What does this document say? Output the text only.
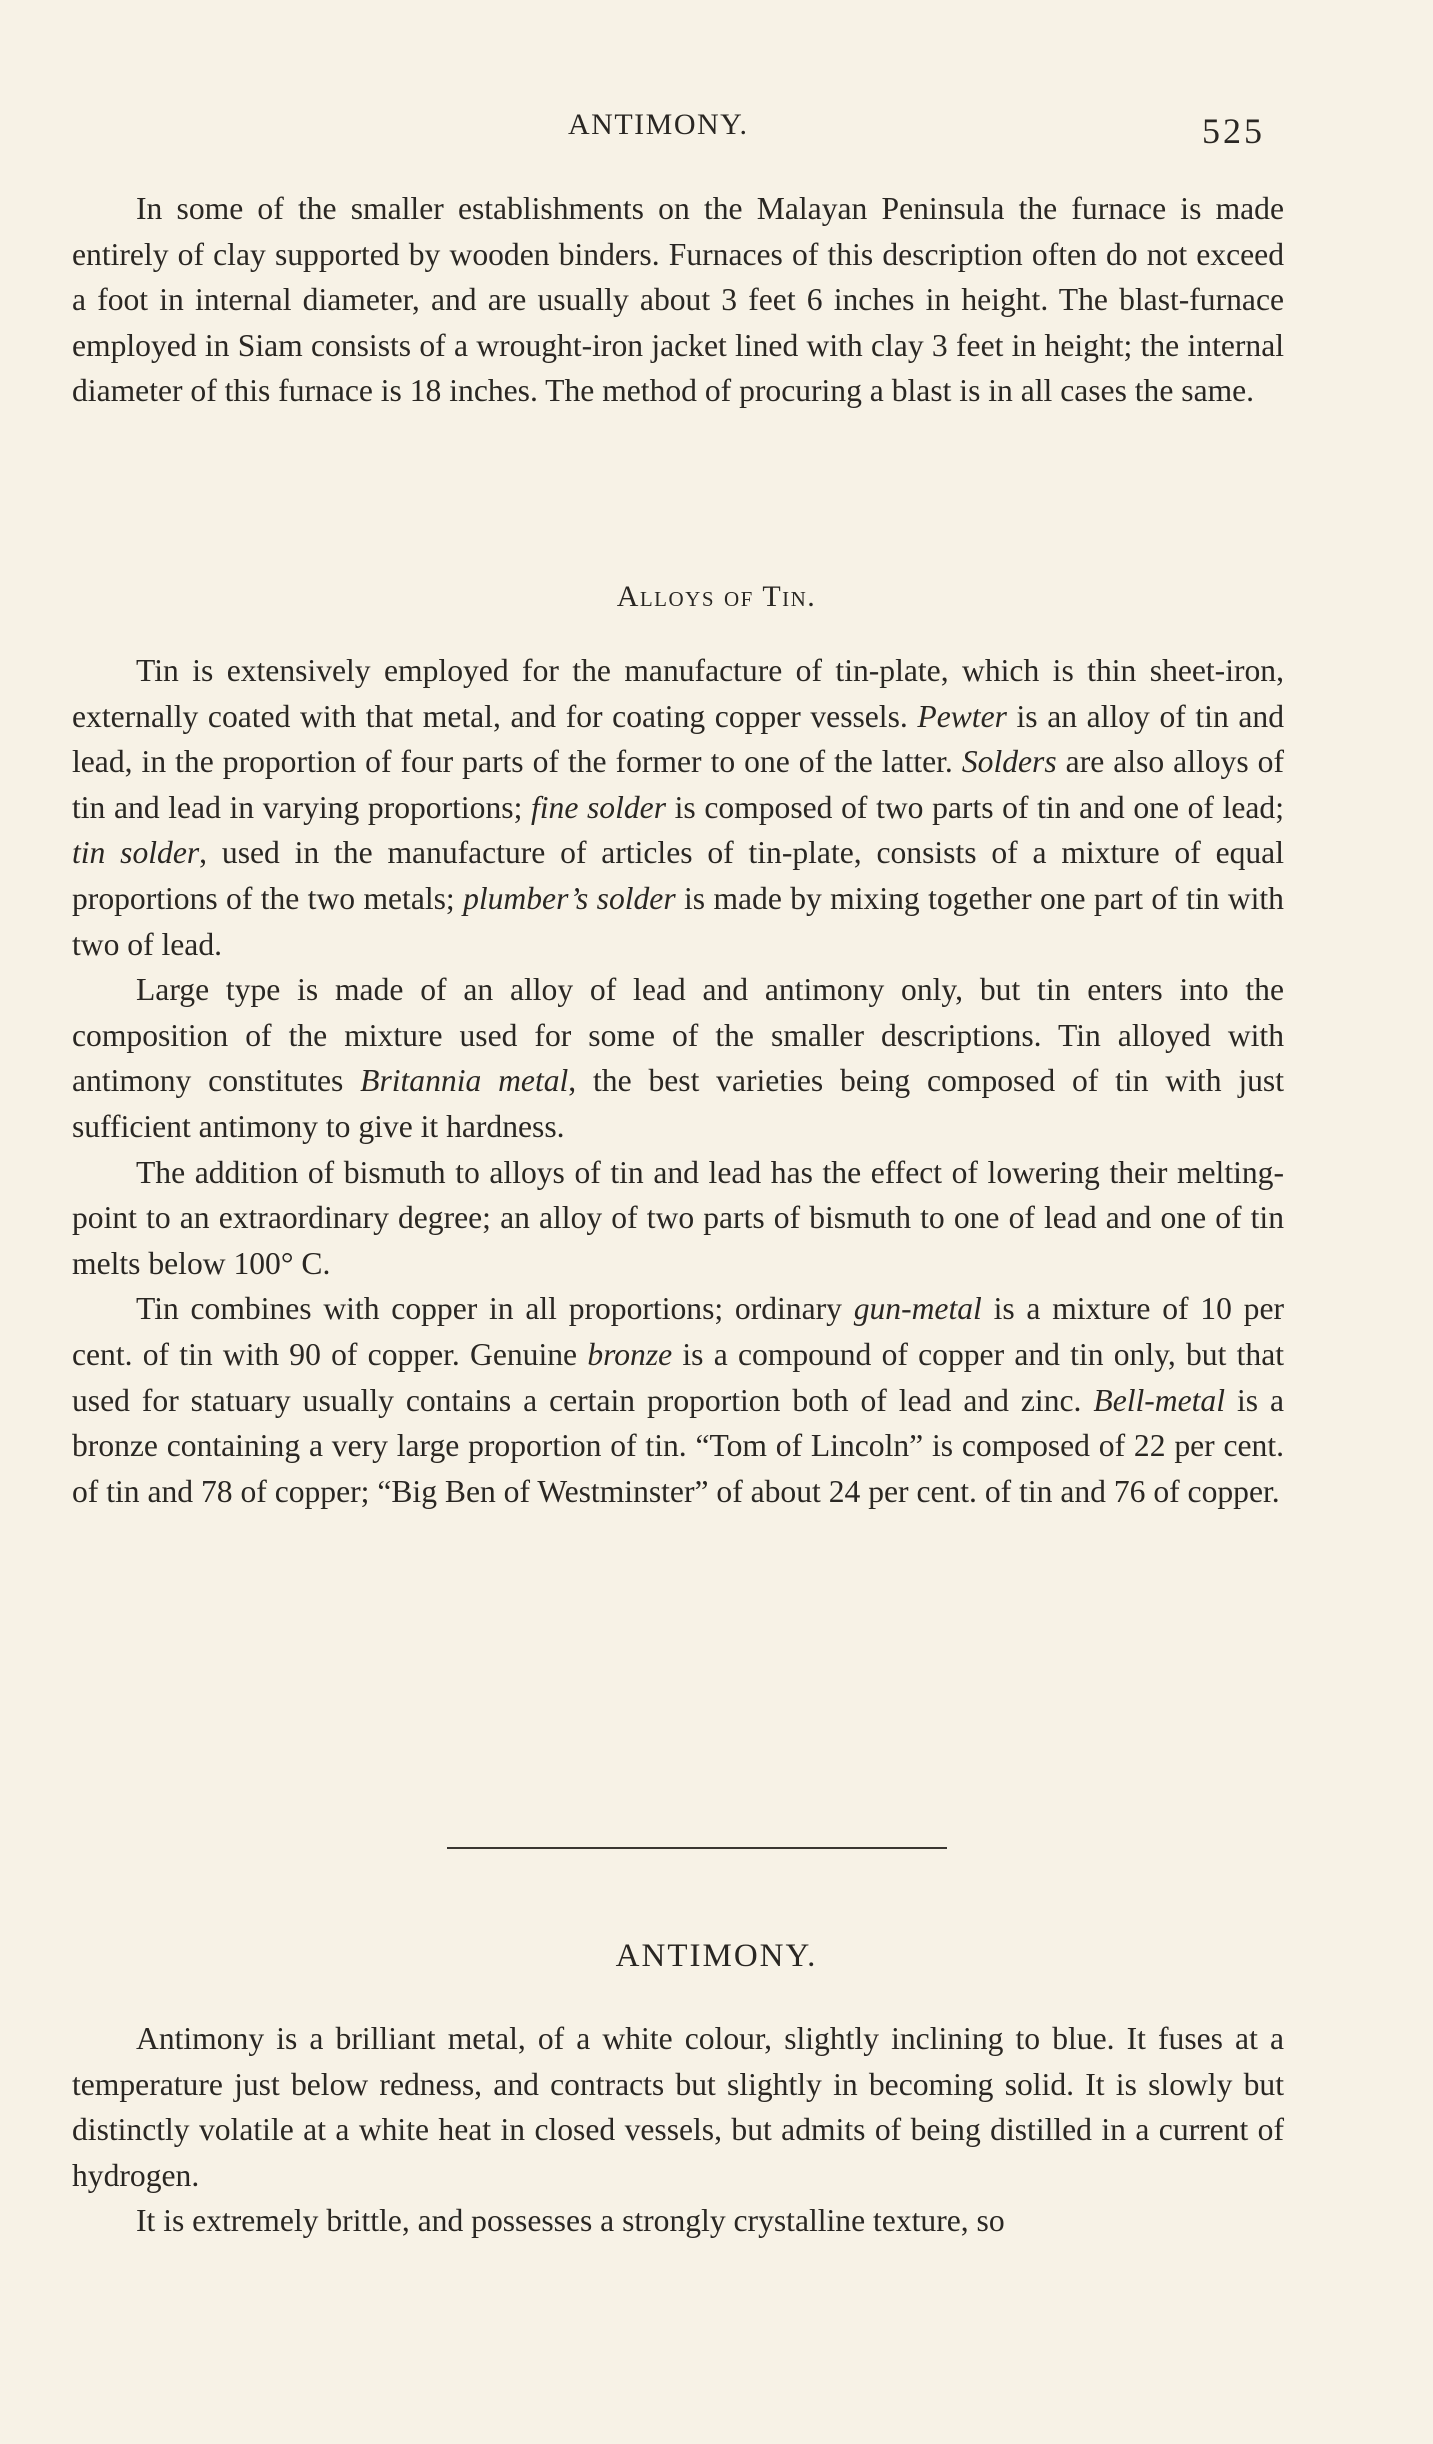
ANTIMONY.	525

In some of the smaller establishments on the Malayan Peninsula the furnace is made entirely of clay supported by wooden binders. Furnaces of this description often do not exceed a foot in internal diameter, and are usually about 3 feet 6 inches in height. The blast-furnace employed in Siam consists of a wrought-iron jacket lined with clay 3 feet in height; the internal diameter of this furnace is 18 inches. The method of procuring a blast is in all cases the same.

Alloys of Tin.

Tin is extensively employed for the manufacture of tin-plate, which is thin sheet-iron, externally coated with that metal, and for coating copper vessels. Pewter is an alloy of tin and lead, in the proportion of four parts of the former to one of the latter. Solders are also alloys of tin and lead in varying proportions; fine solder is composed of two parts of tin and one of lead; tin solder, used in the manufacture of articles of tin-plate, consists of a mixture of equal proportions of the two metals; plumber’s solder is made by mixing together one part of tin with two of lead.

Large type is made of an alloy of lead and antimony only, but tin enters into the composition of the mixture used for some of the smaller descriptions. Tin alloyed with antimony constitutes Britannia metal, the best varieties being composed of tin with just sufficient antimony to give it hardness.

The addition of bismuth to alloys of tin and lead has the effect of lowering their melting-point to an extraordinary degree; an alloy of two parts of bismuth to one of lead and one of tin melts below 100° C.

Tin combines with copper in all proportions; ordinary gun-metal is a mixture of 10 per cent. of tin with 90 of copper. Genuine bronze is a compound of copper and tin only, but that used for statuary usually contains a certain proportion both of lead and zinc. Bell-metal is a bronze containing a very large proportion of tin. “Tom of Lincoln” is composed of 22 per cent. of tin and 78 of copper; “Big Ben of Westminster” of about 24 per cent. of tin and 76 of copper.

ANTIMONY.

Antimony is a brilliant metal, of a white colour, slightly inclining to blue. It fuses at a temperature just below redness, and contracts but slightly in becoming solid. It is slowly but distinctly volatile at a white heat in closed vessels, but admits of being distilled in a current of hydrogen.

It is extremely brittle, and possesses a strongly crystalline texture, so
